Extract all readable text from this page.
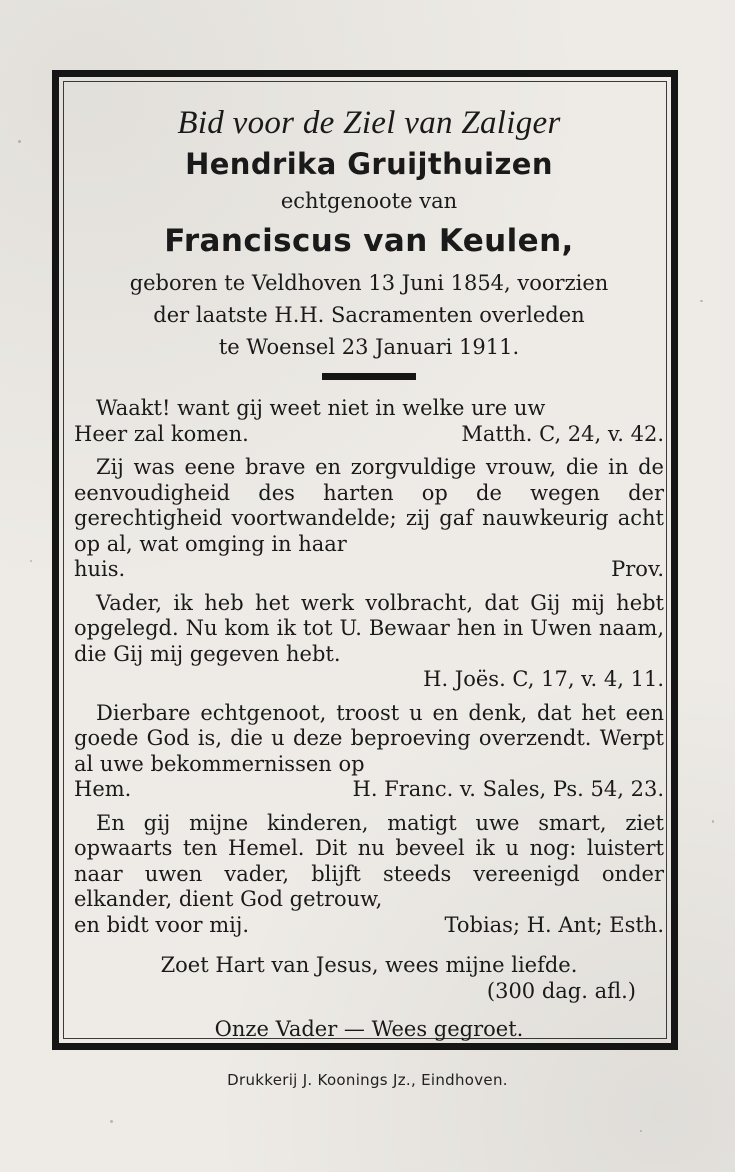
Bid voor de Ziel van Zaliger

Hendrika Gruijthuizen

echtgenoote van

Franciscus van Keulen,

geboren te Veldhoven 13 Juni 1854, voorzien
der laatste H.H. Sacramenten overleden
te Woensel 23 Januari 1911.

Waakt! want gij weet niet in welke ure uw

Heer zal komen.	Matth. C, 24, v. 42.

Zij was eene brave en zorgvuldige vrouw, die in de eenvoudigheid des harten op de wegen der gerechtigheid voortwandelde; zij gaf nauwkeurig acht op al, wat omging in haar

huis.	Prov.

Vader, ik heb het werk volbracht, dat Gij mij hebt opgelegd. Nu kom ik tot U. Bewaar hen in Uwen naam, die Gij mij gegeven hebt.

H. Joës. C, 17, v. 4, 11.

Dierbare echtgenoot, troost u en denk, dat het een goede God is, die u deze beproeving overzendt. Werpt al uwe bekommernissen op

Hem.	H. Franc. v. Sales, Ps. 54, 23.

En gij mijne kinderen, matigt uwe smart, ziet opwaarts ten Hemel. Dit nu beveel ik u nog: luistert naar uwen vader, blijft steeds vereenigd onder elkander, dient God getrouw,

en bidt voor mij.	Tobias; H. Ant; Esth.
Zoet Hart van Jesus, wees mijne liefde.
(300 dag. afl.)
Onze Vader — Wees gegroet.
Drukkerij J. Koonings Jz., Eindhoven.
